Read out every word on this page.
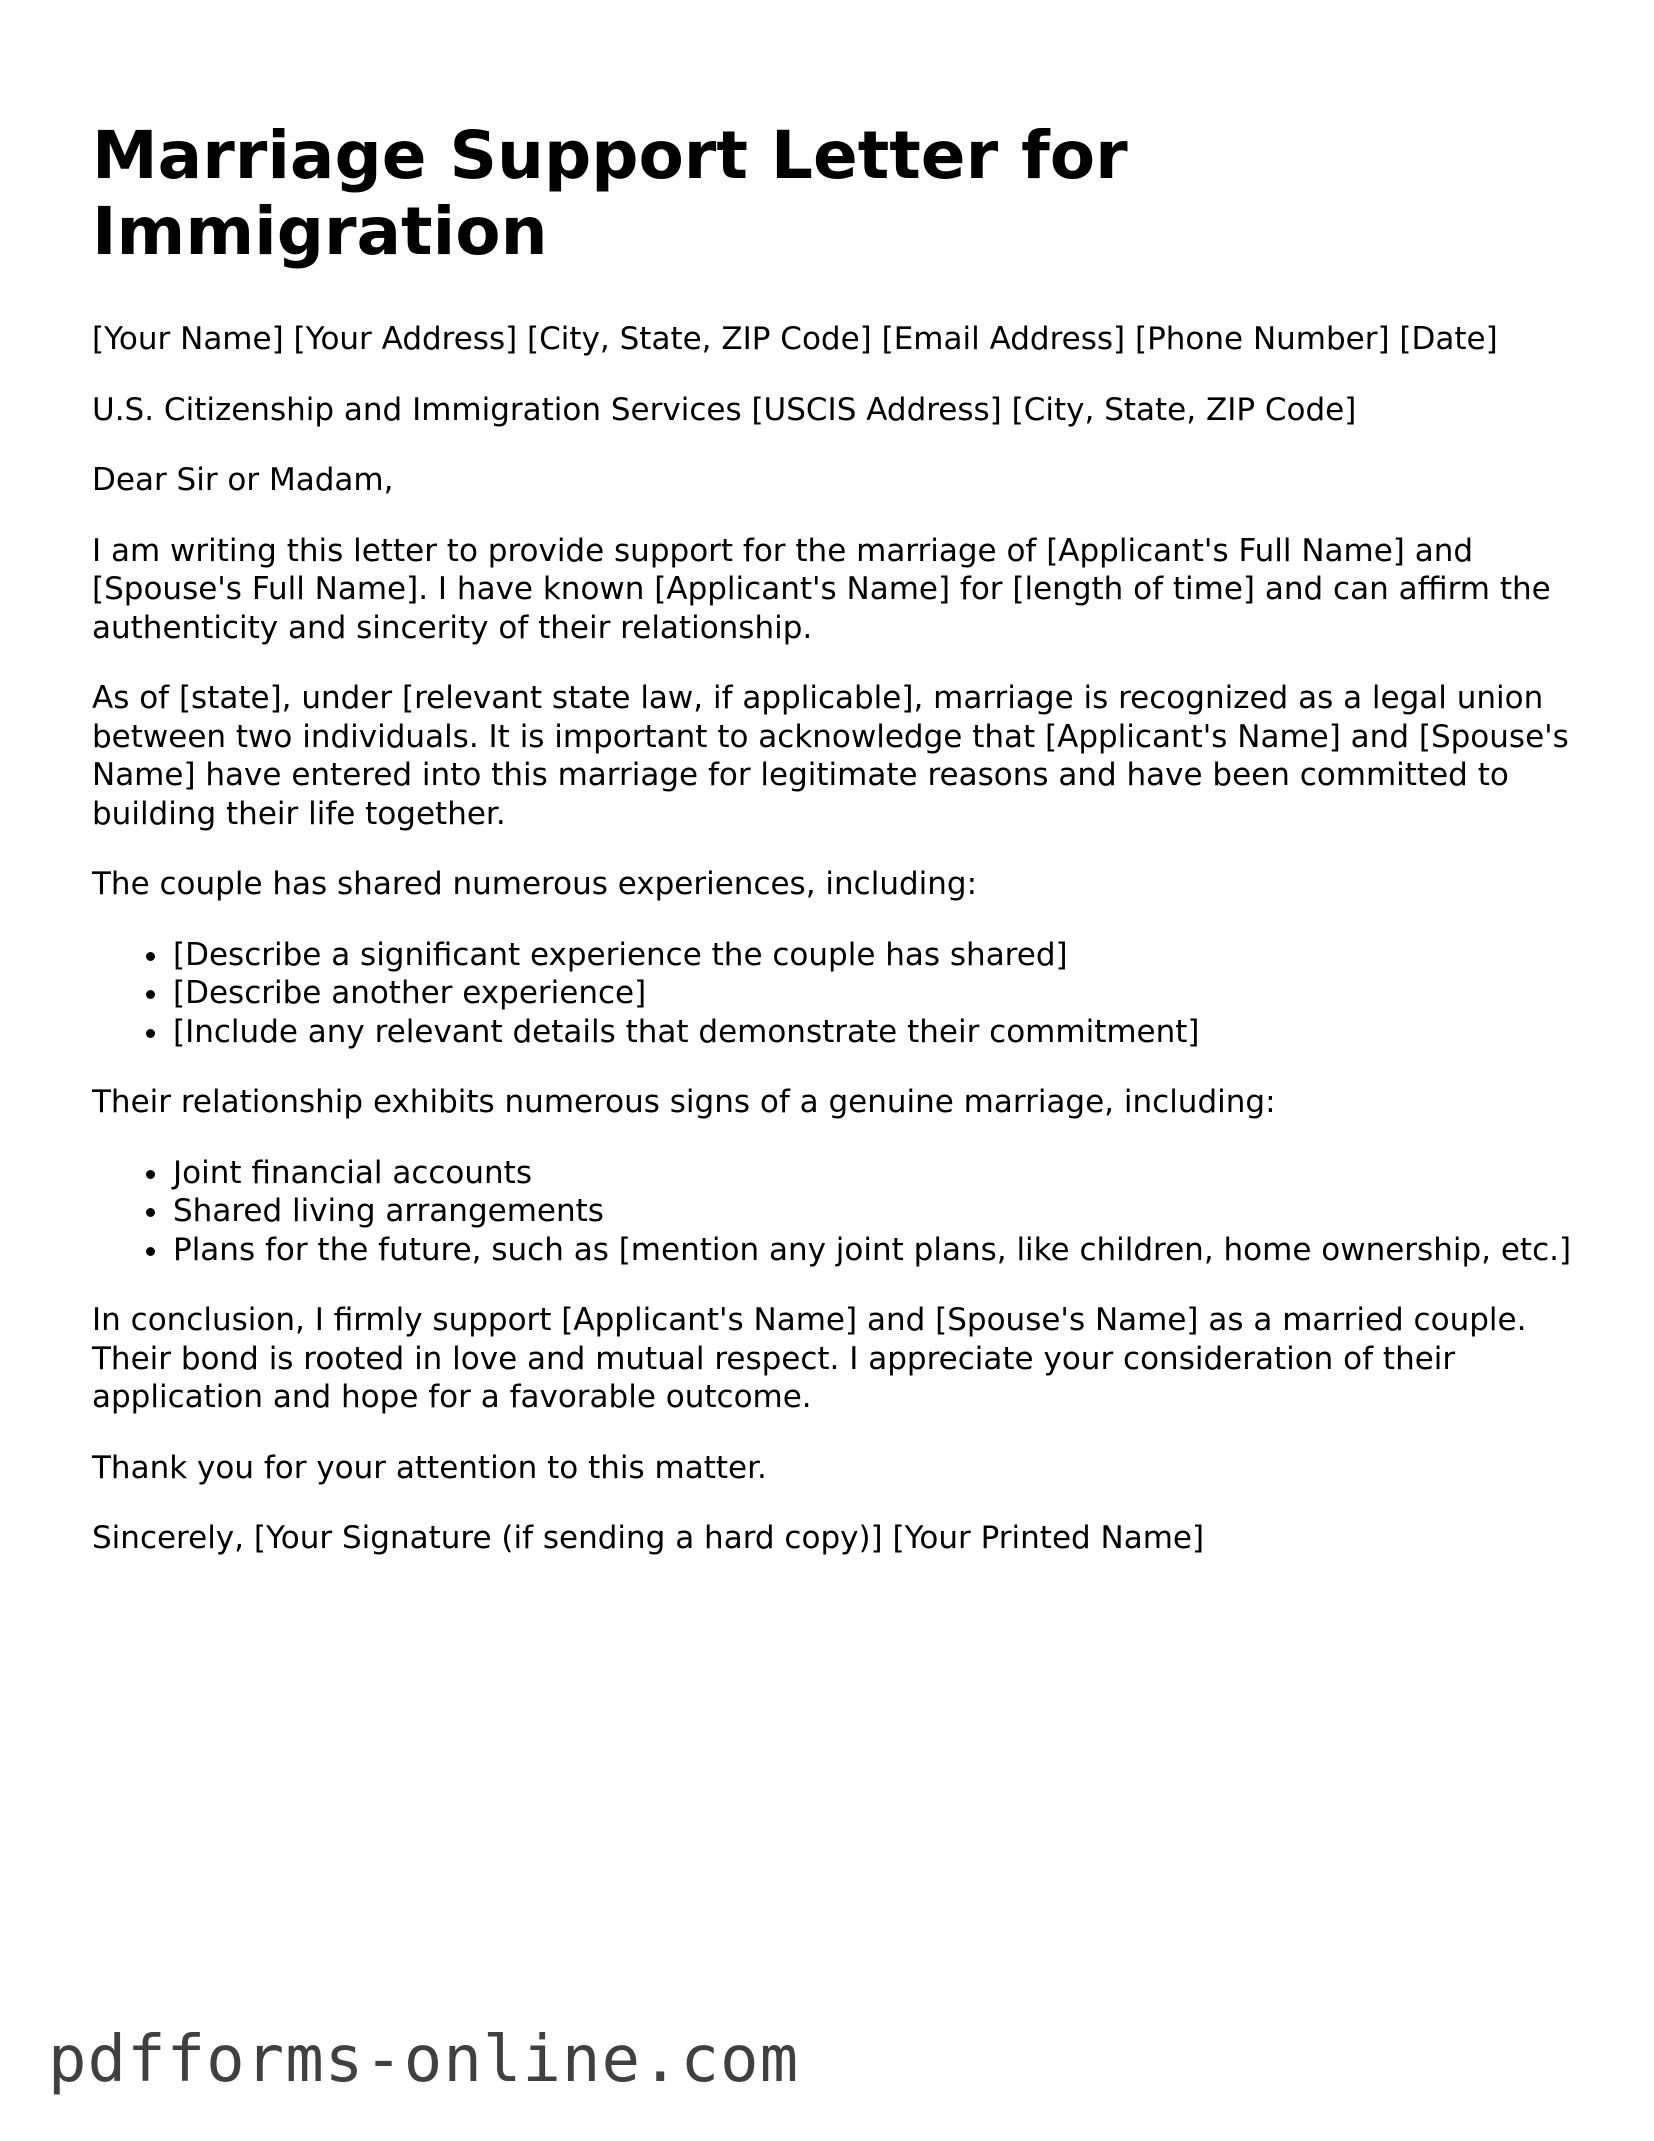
Marriage Support Letter for Immigration

[Your Name] [Your Address] [City, State, ZIP Code] [Email Address] [Phone Number] [Date]

U.S. Citizenship and Immigration Services [USCIS Address] [City, State, ZIP Code]

Dear Sir or Madam,

I am writing this letter to provide support for the marriage of [Applicant's Full Name] and [Spouse's Full Name]. I have known [Applicant's Name] for [length of time] and can affirm the authenticity and sincerity of their relationship.

As of [state], under [relevant state law, if applicable], marriage is recognized as a legal union between two individuals. It is important to acknowledge that [Applicant's Name] and [Spouse's Name] have entered into this marriage for legitimate reasons and have been committed to building their life together.

The couple has shared numerous experiences, including:

• [Describe a significant experience the couple has shared]
• [Describe another experience]
• [Include any relevant details that demonstrate their commitment]

Their relationship exhibits numerous signs of a genuine marriage, including:

• Joint financial accounts
• Shared living arrangements
• Plans for the future, such as [mention any joint plans, like children, home ownership, etc.]

In conclusion, I firmly support [Applicant's Name] and [Spouse's Name] as a married couple. Their bond is rooted in love and mutual respect. I appreciate your consideration of their application and hope for a favorable outcome.

Thank you for your attention to this matter.

Sincerely, [Your Signature (if sending a hard copy)] [Your Printed Name]

pdfforms-online.com
